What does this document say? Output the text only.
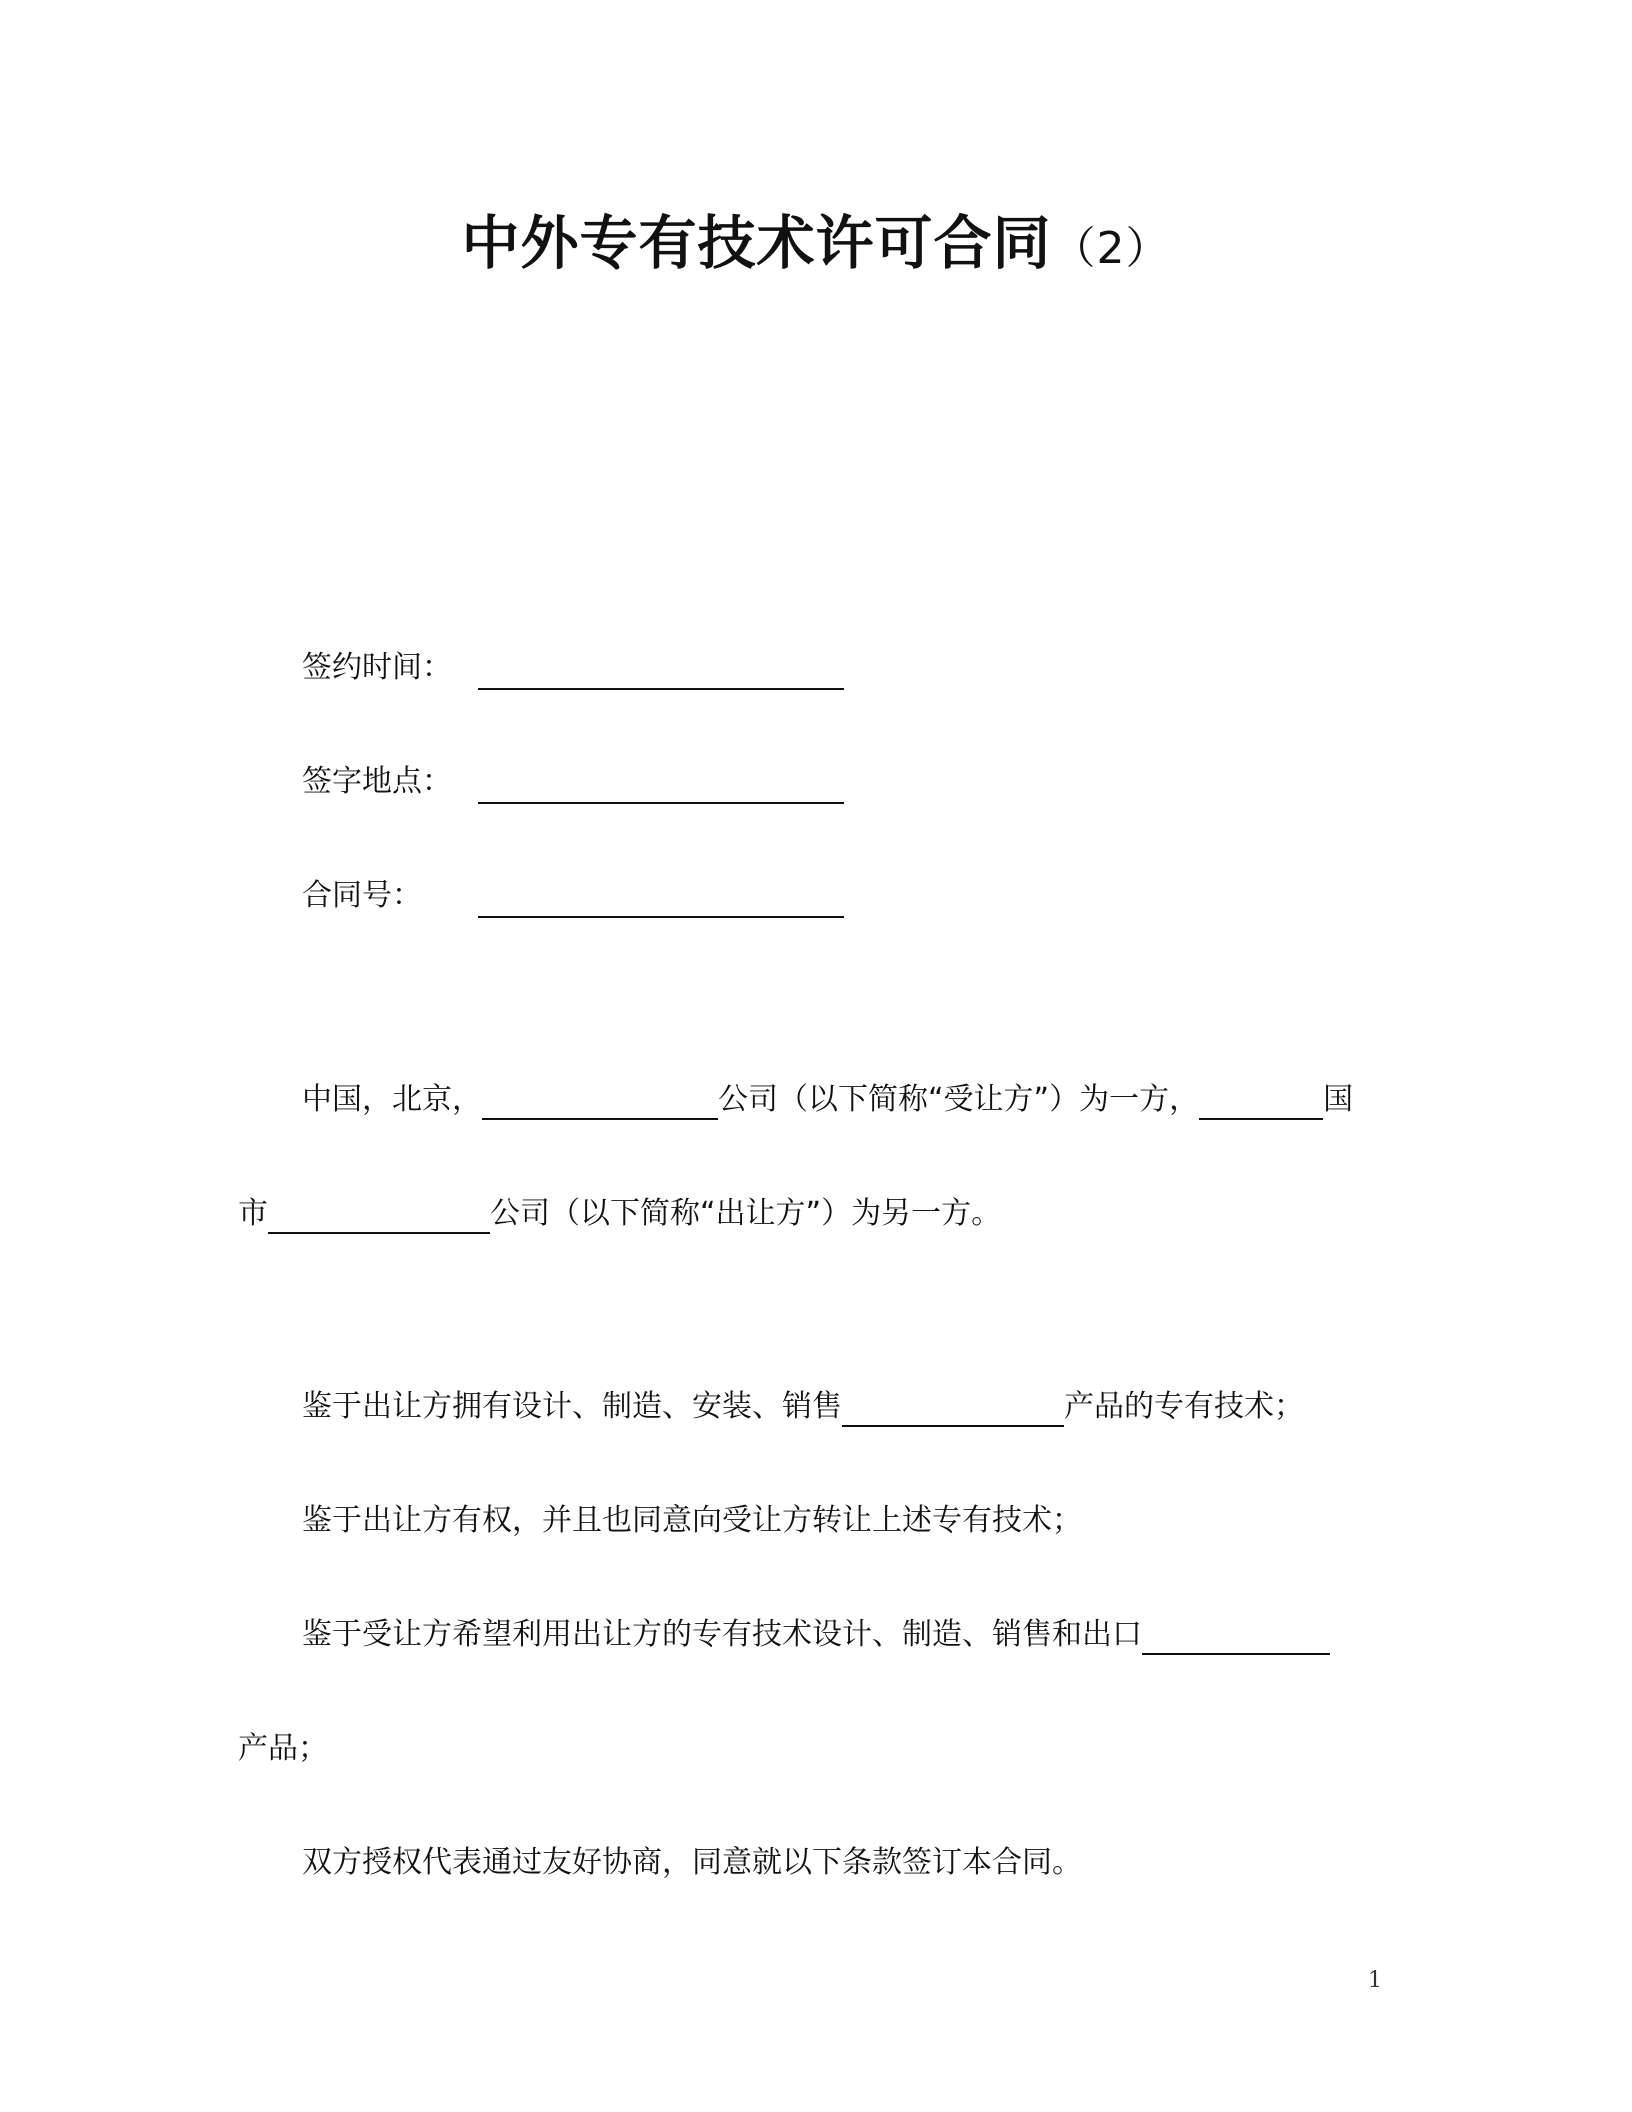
中外专有技术许可合同（2）
签约时间：
签字地点：
合同号：
中国，北京，	公司（以下简称“受让方”）为一方，	国
市	公司（以下简称“出让方”）为另一方。
鉴于出让方拥有设计、制造、安装、销售	产品的专有技术；
鉴于出让方有权，并且也同意向受让方转让上述专有技术；
鉴于受让方希望利用出让方的专有技术设计、制造、销售和出口
产品；
双方授权代表通过友好协商，同意就以下条款签订本合同。
1
